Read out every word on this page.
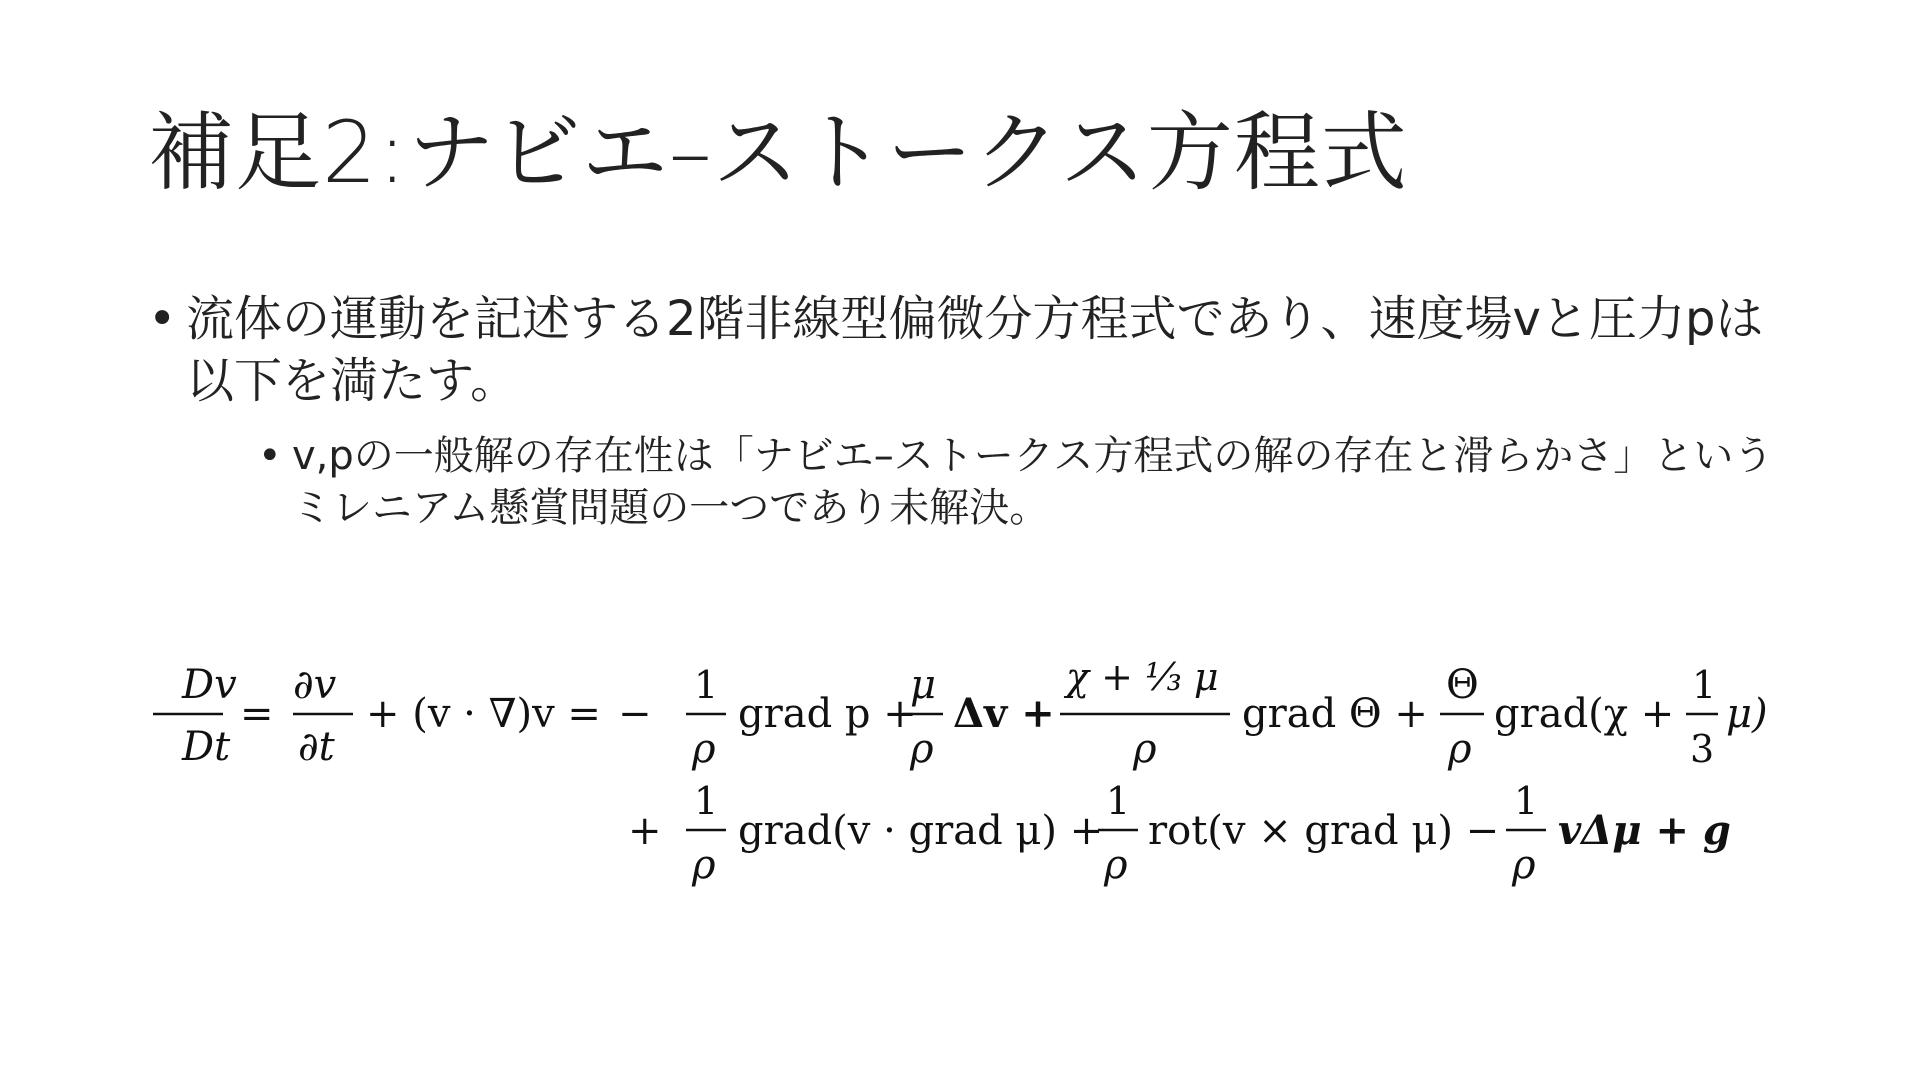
補足2:ナビエ–ストークス方程式
• 流体の運動を記述する2階非線型偏微分方程式であり、速度場vと圧力pは以下を満たす。
• v,pの一般解の存在性は「ナビエ–ストークス方程式の解の存在と滑らかさ」というミレニアム懸賞問題の一つであり未解決。
Dv
Dt
=
∂v
∂t
+ (v · ∇)v = −
1
ρ
grad p +
μ
ρ
Δv +
χ + ⅓ μ
ρ
grad Θ +
Θ
ρ
grad(χ +
1
3
μ)
+
1
ρ
grad(v · grad μ) +
1
ρ
rot(v × grad μ) −
1
ρ
vΔμ + g
